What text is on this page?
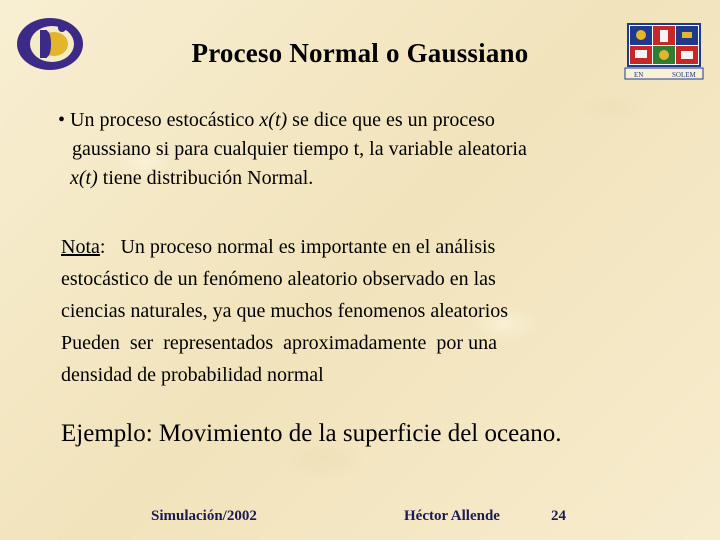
EN	SOLEM
Proceso Normal o Gaussiano
• Un proceso estocástico x(t) se dice que es un proceso
gaussiano si para cualquier tiempo t, la variable aleatoria
x(t) tiene distribución Normal.
Nota:   Un proceso normal es importante en el análisis
estocástico de un fenómeno aleatorio observado en las
ciencias naturales, ya que muchos fenomenos aleatorios
Pueden  ser  representados  aproximadamente  por una
densidad de probabilidad normal
Ejemplo: Movimiento de la superficie del oceano.
Simulación/2002	Héctor Allende	24
